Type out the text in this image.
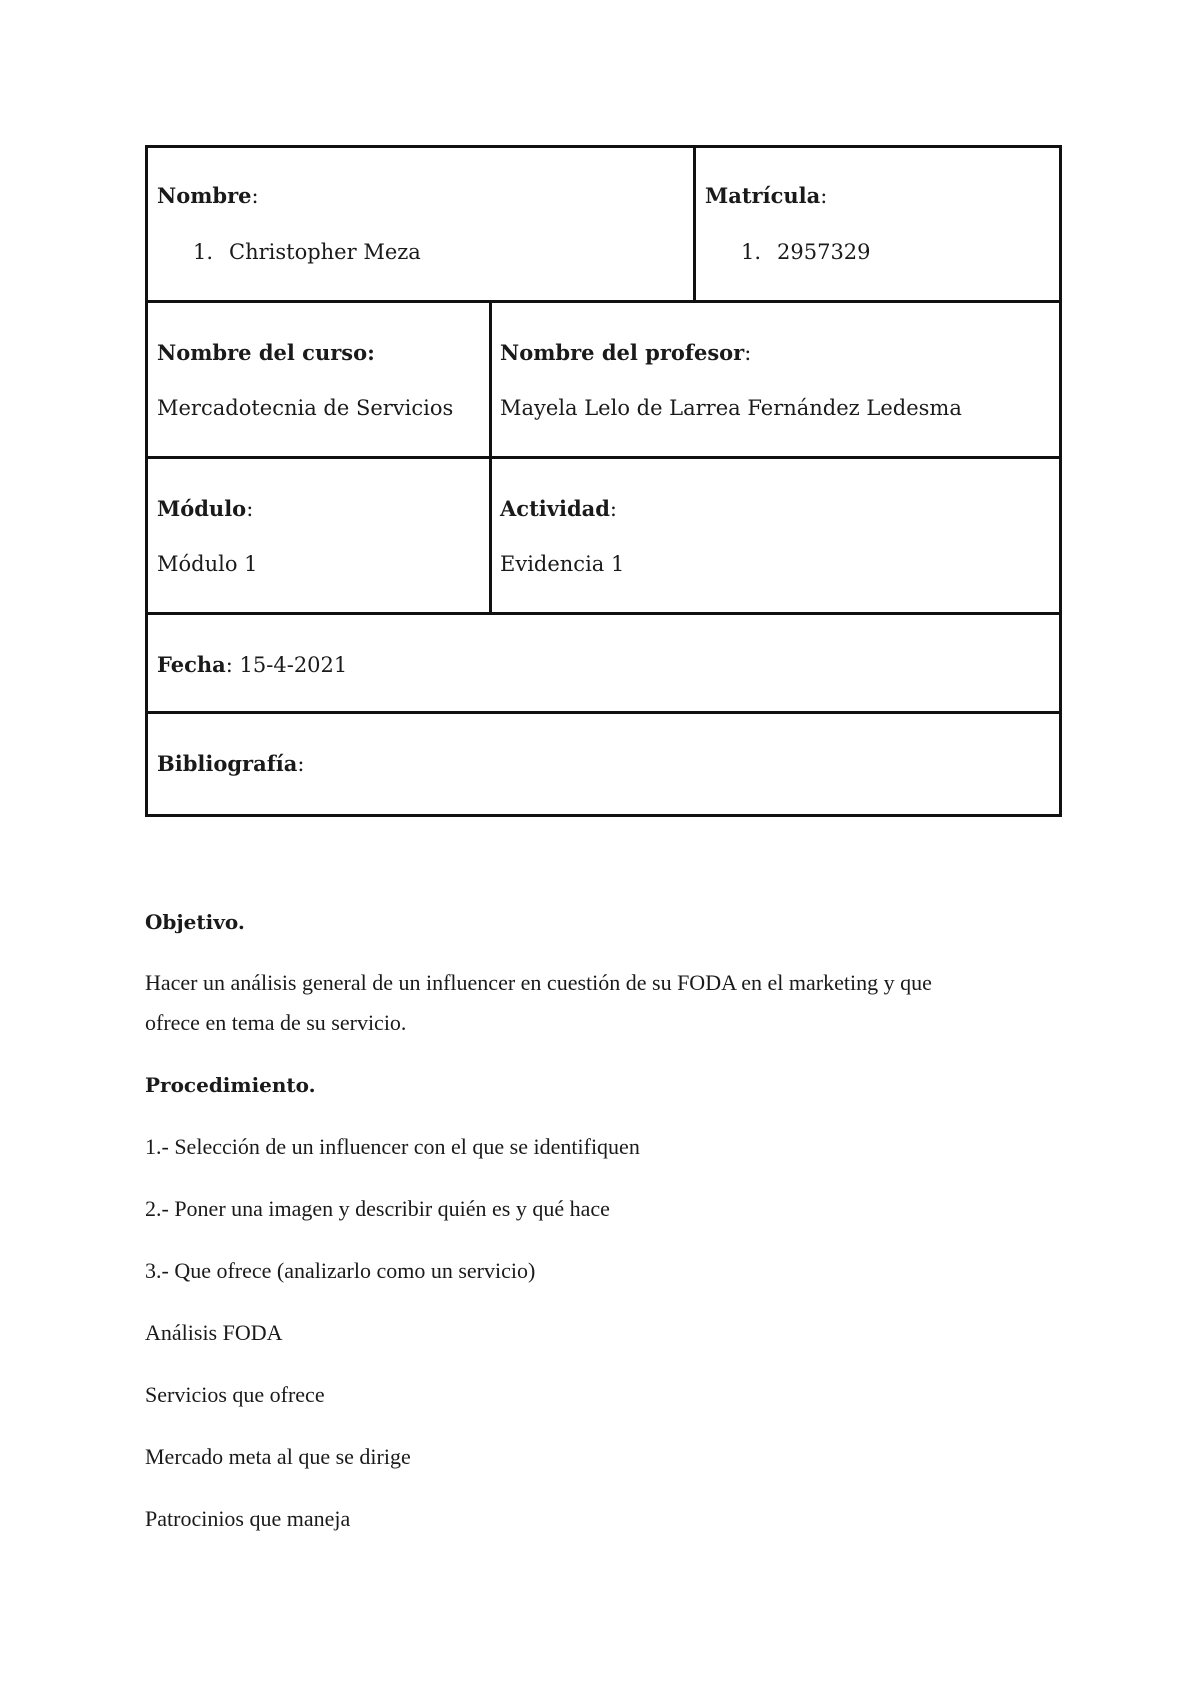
Nombre:
1. Christopher Meza
Matrícula:
1. 2957329
Nombre del curso:
Mercadotecnia de Servicios
Nombre del profesor:
Mayela Lelo de Larrea Fernández Ledesma
Módulo:
Módulo 1
Actividad:
Evidencia 1
Fecha: 15-4-2021
Bibliografía:
Objetivo.
Hacer un análisis general de un influencer en cuestión de su FODA en el marketing y que
ofrece en tema de su servicio.
Procedimiento.
1.- Selección de un influencer con el que se identifiquen
2.- Poner una imagen y describir quién es y qué hace
3.- Que ofrece (analizarlo como un servicio)
Análisis FODA
Servicios que ofrece
Mercado meta al que se dirige
Patrocinios que maneja
